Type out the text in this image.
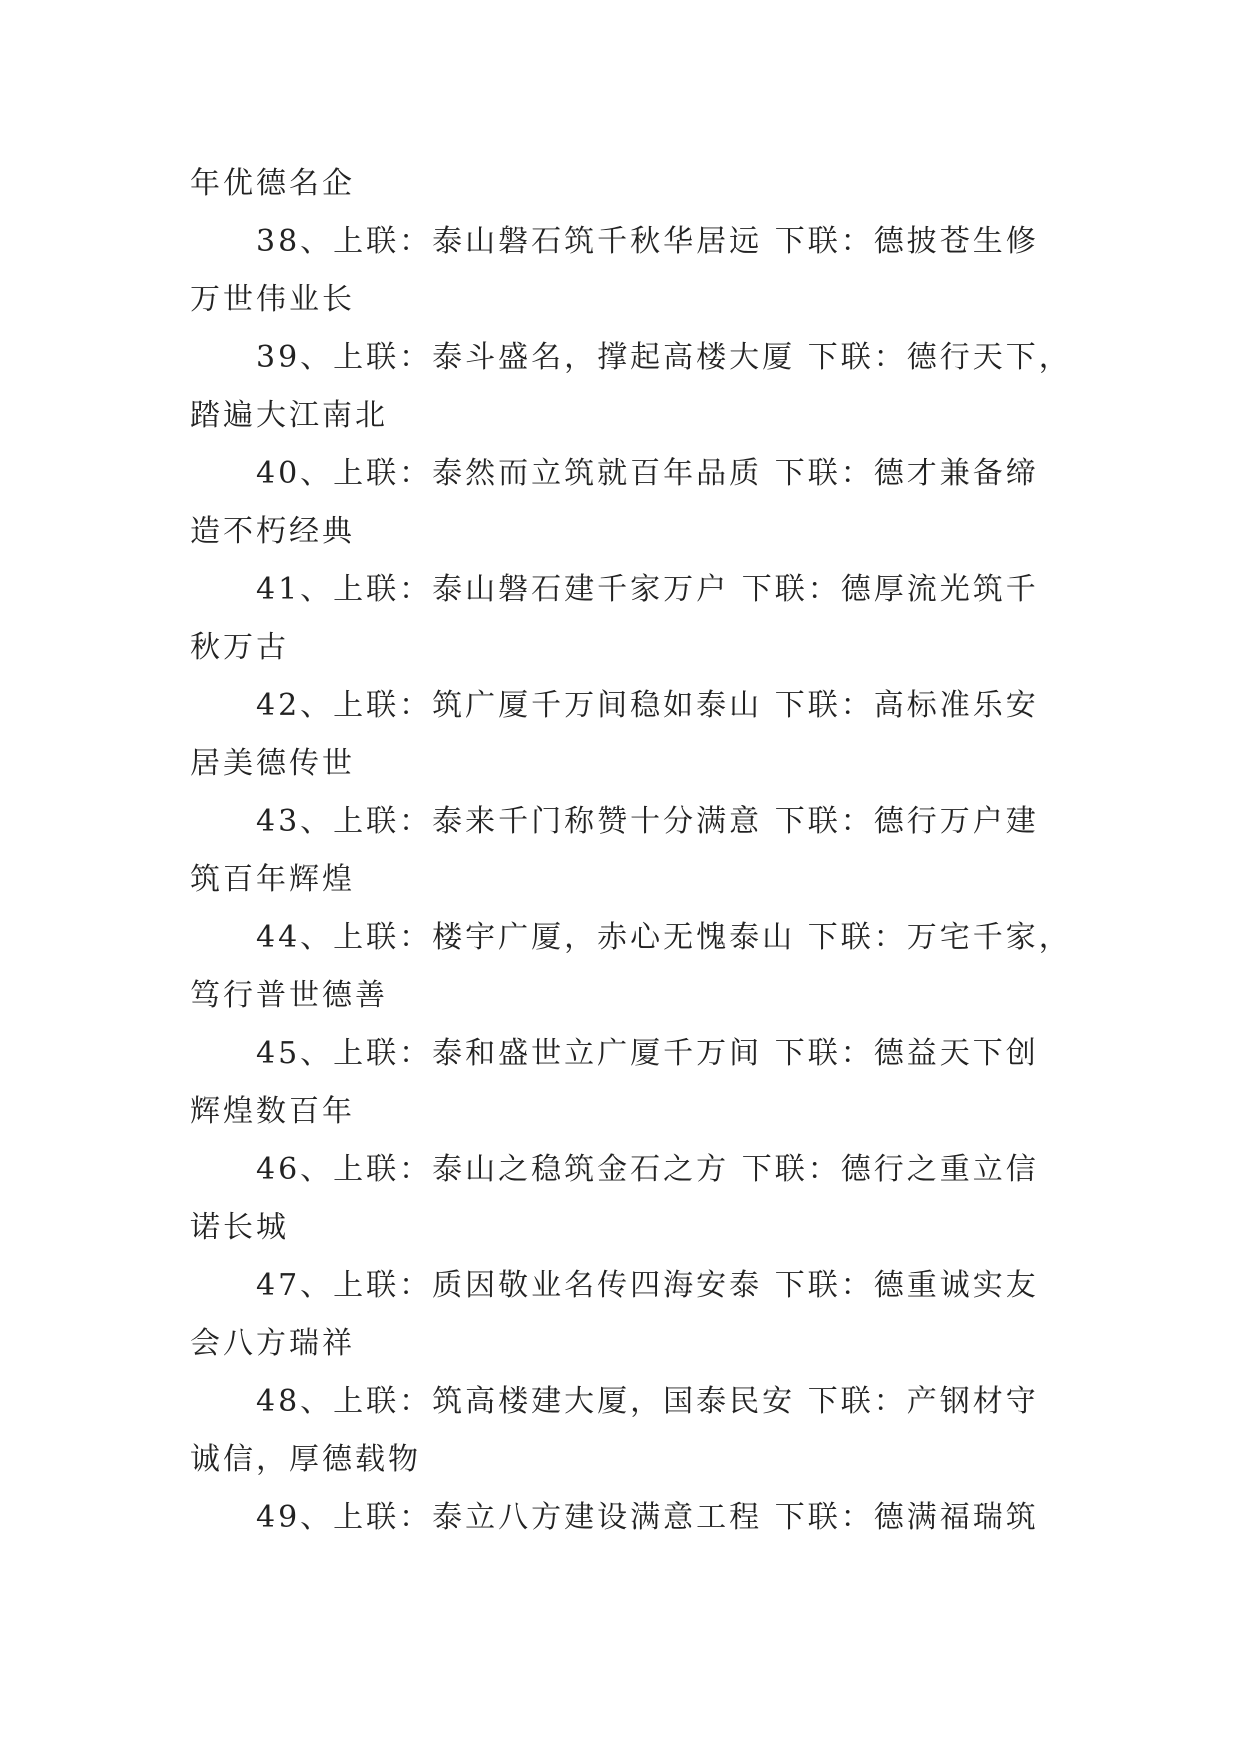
年优德名企
38、上联：泰山磐石筑千秋华居远 下联：德披苍生修
万世伟业长
39、上联：泰斗盛名，撑起高楼大厦 下联：德行天下，
踏遍大江南北
40、上联：泰然而立筑就百年品质 下联：德才兼备缔
造不朽经典
41、上联：泰山磐石建千家万户 下联：德厚流光筑千
秋万古
42、上联：筑广厦千万间稳如泰山 下联：高标准乐安
居美德传世
43、上联：泰来千门称赞十分满意 下联：德行万户建
筑百年辉煌
44、上联：楼宇广厦，赤心无愧泰山 下联：万宅千家，
笃行普世德善
45、上联：泰和盛世立广厦千万间 下联：德益天下创
辉煌数百年
46、上联：泰山之稳筑金石之方 下联：德行之重立信
诺长城
47、上联：质因敬业名传四海安泰 下联：德重诚实友
会八方瑞祥
48、上联：筑高楼建大厦，国泰民安 下联：产钢材守
诚信，厚德载物
49、上联：泰立八方建设满意工程 下联：德满福瑞筑
